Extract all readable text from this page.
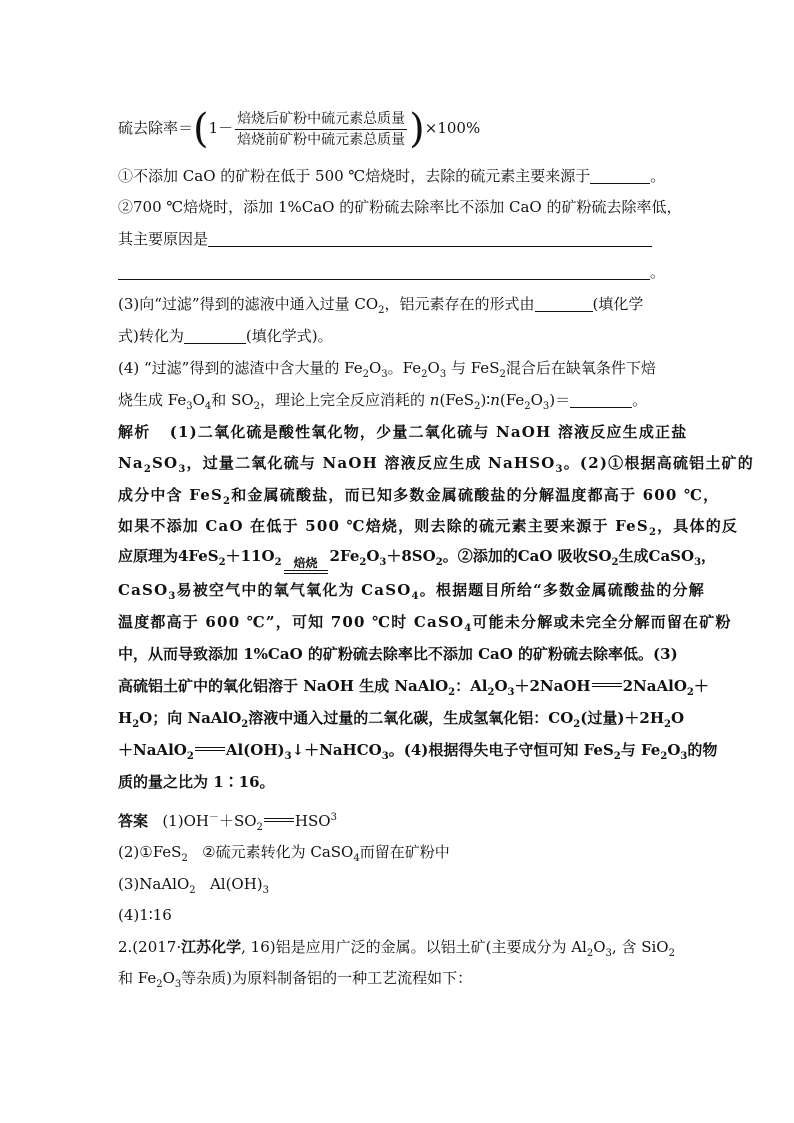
硫去除率$=(1- \frac{\text{焙烧后矿粉中硫元素总质量}}{\text{焙烧前矿粉中硫元素总质量}} )\times 100\%$
①不添加 CaO 的矿粉在低于 500 ℃焙烧时，去除的硫元素主要来源于	。
②700 ℃焙烧时，添加 1%CaO 的矿粉硫去除率比不添加 CaO 的矿粉硫去除率低，
其主要原因是
。
(3)向“过滤”得到的滤液中通入过量 $CO_2$，铝元素存在的形式由	(填化学
式)转化为	(填化学式)。
(4) “过滤”得到的滤渣中含大量的 $Fe_2O_3$。$Fe_2O_3$ 与 FeS$_2$混合后在缺氧条件下焙
烧生成 $Fe_3O_4$和 $SO_2$，理论上完全反应消耗的 $n(FeS_2)∶n(Fe_2O_3)=$	。
解析 (1)二氧化硫是酸性氧化物，少量二氧化硫与 NaOH 溶液反应生成正盐
$Na_2SO_3$，过量二氧化硫与 NaOH 溶液反应生成 NaHSO$_3$。(2)①根据高硫铝土矿的
成分中含 FeS$_2$和金属硫酸盐，而已知多数金属硫酸盐的分解温度都高于 600 ℃，
如果不添加 CaO 在低于 500 ℃焙烧，则去除的硫元素主要来源于 FeS$_2$，具体的反
应原理为$4FeS_2+11O_2$ 焙烧 $2Fe_2O_3+8SO_2$。②添加的CaO 吸收$SO_2$生成CaSO$_3$，
CaSO$_3$易被空气中的氧气氧化为 CaSO$_4$。根据题目所给“多数金属硫酸盐的分解
温度都高于 600 ℃”，可知 700 ℃时 CaSO$_4$可能未分解或未完全分解而留在矿粉
中，从而导致添加 1%CaO 的矿粉硫去除率比不添加 CaO 的矿粉硫去除率低。(3)
高硫铝土矿中的氧化铝溶于 NaOH 生成 NaAlO$_2$：$Al_2O_3+2NaOH$ 2NaAlO$_2$＋
$H_2O$；向 NaAlO$_2$溶液中通入过量的二氧化碳，生成氢氧化铝：$CO_2$(过量)$+2H_2O$
＋NaAlO$_2$ $Al(OH)_3↓+NaHCO_3$。(4)根据得失电子守恒可知 FeS$_2$与 $Fe_2O_3$的物
质的量之比为 1∶16。
答案 $(1)OH^-+SO_2$ HSO$^3$
(2)①FeS$_2$ ②硫元素转化为 CaSO$_4$而留在矿粉中
(3)NaAlO$_2$ $Al(OH)_3$
(4)1∶16
2.(2017·江苏化学, 16)铝是应用广泛的金属。以铝土矿(主要成分为 $Al_2O_3$, 含 SiO$_2$
和 $Fe_2O_3$等杂质)为原料制备铝的一种工艺流程如下：
